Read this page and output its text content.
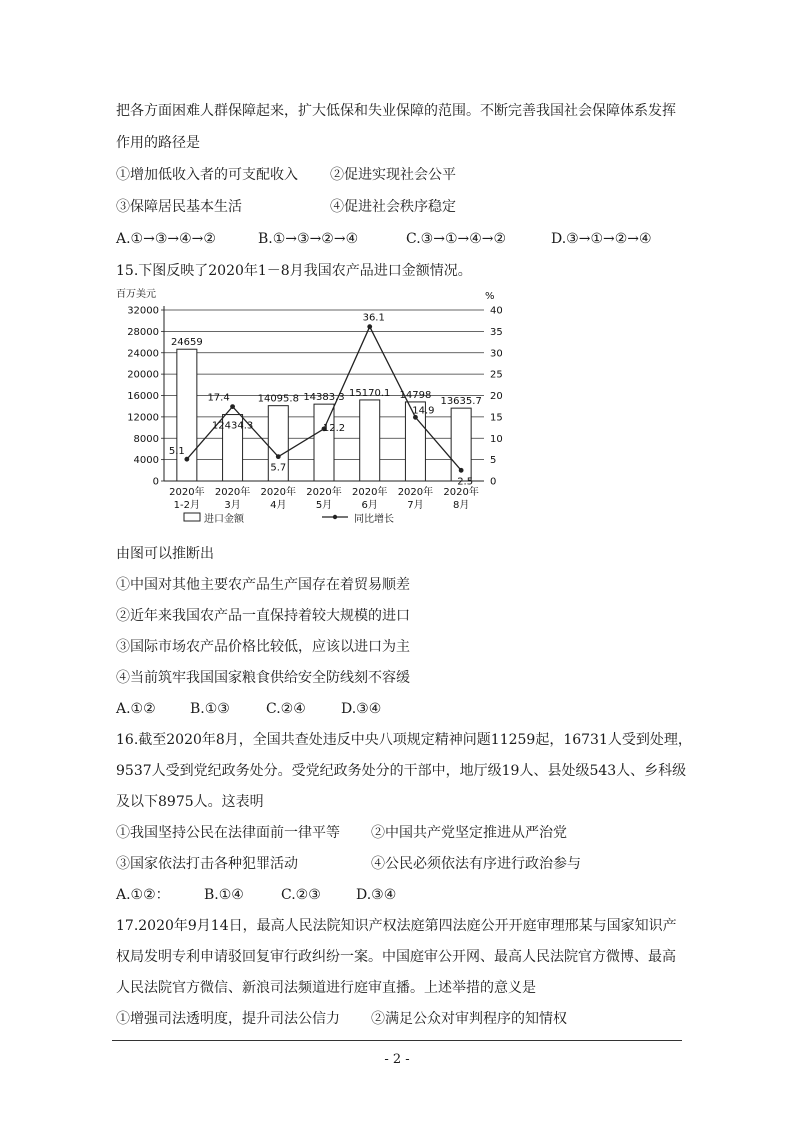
把各方面困难人群保障起来，扩大低保和失业保障的范围。不断完善我国社会保障体系发挥
作用的路径是
①增加低收入者的可支配收入 ②促进实现社会公平
③保障居民基本生活	④促进社会秩序稳定
A.①→③→④→②	B.①→③→②→④	C.③→①→④→②	D.③→①→②→④
15.下图反映了2020年1－8月我国农产品进口金额情况。
百万美元	%
24659
12434.3
14095.8 14383.3 15170.1 14798
13635.7
5.1
17.4
5.7
12.2
36.1
14.9
2.5
0	0
4000	5
8000	10
12000	15
16000	20
20000	25
24000	30
28000	35
32000	40
2020年
1-2月
2020年
3月
2020年
4月
2020年
5月
2020年
6月
2020年
7月
2020年
8月
进口金额	同比增长
由图可以推断出
①中国对其他主要农产品生产国存在着贸易顺差
②近年来我国农产品一直保持着较大规模的进口
③国际市场农产品价格比较低，应该以进口为主
④当前筑牢我国国家粮食供给安全防线刻不容缓
A.①② B.①③	C.②④	D.③④
16.截至2020年8月，全国共查处违反中央八项规定精神问题11259起，16731人受到处理，
9537人受到党纪政务处分。受党纪政务处分的干部中，地厅级19人、县处级543人、乡科级
及以下8975人。这表明
①我国坚持公民在法律面前一律平等 ②中国共产党坚定推进从严治党
③国家依法打击各种犯罪活动	④公民必须依法有序进行政治参与
A.①②： B.①④	C.②③	D.③④
17.2020年9月14日，最高人民法院知识产权法庭第四法庭公开开庭审理邢某与国家知识产
权局发明专利申请驳回复审行政纠纷一案。中国庭审公开网、最高人民法院官方微博、最高
人民法院官方微信、新浪司法频道进行庭审直播。上述举措的意义是
①增强司法透明度，提升司法公信力 ②满足公众对审判程序的知情权
- 2 -
